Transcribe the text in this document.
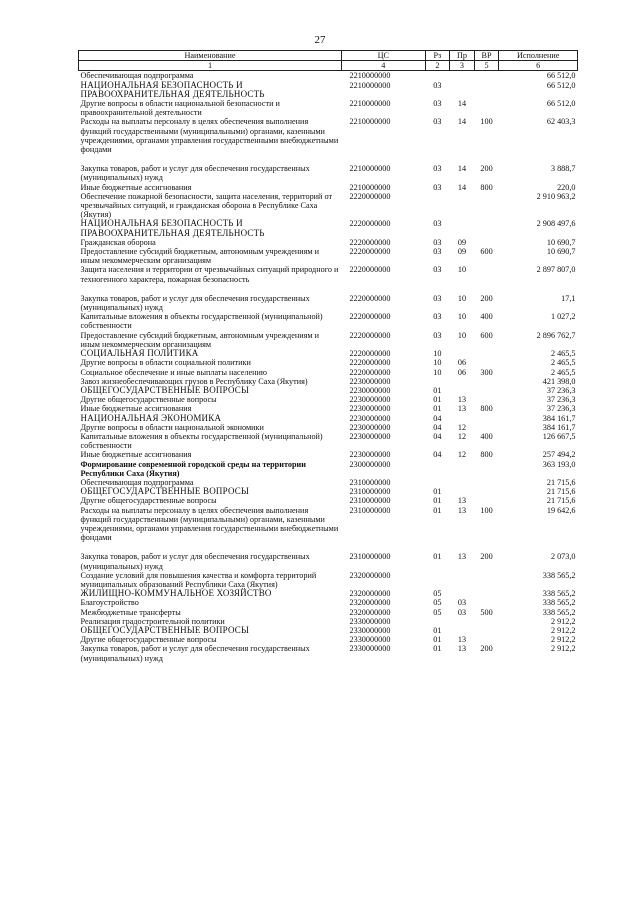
27
Наименование	ЦС	Рз	Пр	ВР	Исполнение
1	4	2	3	5	6
Обеспечивающая подпрограмма	2210000000				66 512,0
НАЦИОНАЛЬНАЯ БЕЗОПАСНОСТЬ И ПРАВООХРАНИТЕЛЬНАЯ ДЕЯТЕЛЬНОСТЬ	2210000000	03			66 512,0
Другие вопросы в области национальной безопасности и правоохранительной деятельности	2210000000	03	14		66 512,0
Расходы на выплаты персоналу в целях обеспечения выполнения функций государственными (муниципальными) органами, казенными учреждениями, органами управления государственными внебюджетными фондами	2210000000	03	14	100	62 403,3

Закупка товаров, работ и услуг для обеспечения государственных (муниципальных) нужд	2210000000	03	14	200	3 888,7
Иные бюджетные ассигнования	2210000000	03	14	800	220,0
Обеспечение пожарной безопасности, защита населения, территорий от чрезвычайных ситуаций, и гражданская оборона в Республике Саха (Якутия)	2220000000				2 910 963,2
НАЦИОНАЛЬНАЯ БЕЗОПАСНОСТЬ И ПРАВООХРАНИТЕЛЬНАЯ ДЕЯТЕЛЬНОСТЬ	2220000000	03			2 908 497,6
Гражданская оборона	2220000000	03	09		10 690,7
Предоставление субсидий бюджетным, автономным учреждениям и иным некоммерческим организациям	2220000000	03	09	600	10 690,7
Защита населения и территории от чрезвычайных ситуаций природного и техногенного характера, пожарная безопасность	2220000000	03	10		2 897 807,0

Закупка товаров, работ и услуг для обеспечения государственных (муниципальных) нужд	2220000000	03	10	200	17,1
Капитальные вложения в объекты государственной (муниципальной) собственности	2220000000	03	10	400	1 027,2
Предоставление субсидий бюджетным, автономным учреждениям и иным некоммерческим организациям	2220000000	03	10	600	2 896 762,7
СОЦИАЛЬНАЯ ПОЛИТИКА	2220000000	10			2 465,5
Другие вопросы в области социальной политики	2220000000	10	06		2 465,5
Социальное обеспечение и иные выплаты населению	2220000000	10	06	300	2 465,5
Завоз жизнеобеспечивающих грузов в Республику Саха (Якутия)	2230000000				421 398,0
ОБЩЕГОСУДАРСТВЕННЫЕ ВОПРОСЫ	2230000000	01			37 236,3
Другие общегосударственные вопросы	2230000000	01	13		37 236,3
Иные бюджетные ассигнования	2230000000	01	13	800	37 236,3
НАЦИОНАЛЬНАЯ ЭКОНОМИКА	2230000000	04			384 161,7
Другие вопросы в области национальной экономики	2230000000	04	12		384 161,7
Капитальные вложения в объекты государственной (муниципальной) собственности	2230000000	04	12	400	126 667,5
Иные бюджетные ассигнования	2230000000	04	12	800	257 494,2
Формирование современной городской среды на территории Республики Саха (Якутия)	2300000000				363 193,0
Обеспечивающая подпрограмма	2310000000				21 715,6
ОБЩЕГОСУДАРСТВЕННЫЕ ВОПРОСЫ	2310000000	01			21 715,6
Другие общегосударственные вопросы	2310000000	01	13		21 715,6
Расходы на выплаты персоналу в целях обеспечения выполнения функций государственными (муниципальными) органами, казенными учреждениями, органами управления государственными внебюджетными фондами	2310000000	01	13	100	19 642,6

Закупка товаров, работ и услуг для обеспечения государственных (муниципальных) нужд	2310000000	01	13	200	2 073,0
Создание условий для повышения качества и комфорта территорий муниципальных образований Республики Саха (Якутия)	2320000000				338 565,2
ЖИЛИЩНО-КОММУНАЛЬНОЕ ХОЗЯЙСТВО	2320000000	05			338 565,2
Благоустройство	2320000000	05	03		338 565,2
Межбюджетные трансферты	2320000000	05	03	500	338 565,2
Реализация градостроительной политики	2330000000				2 912,2
ОБЩЕГОСУДАРСТВЕННЫЕ ВОПРОСЫ	2330000000	01			2 912,2
Другие общегосударственные вопросы	2330000000	01	13		2 912,2
Закупка товаров, работ и услуг для обеспечения государственных (муниципальных) нужд	2330000000	01	13	200	2 912,2
